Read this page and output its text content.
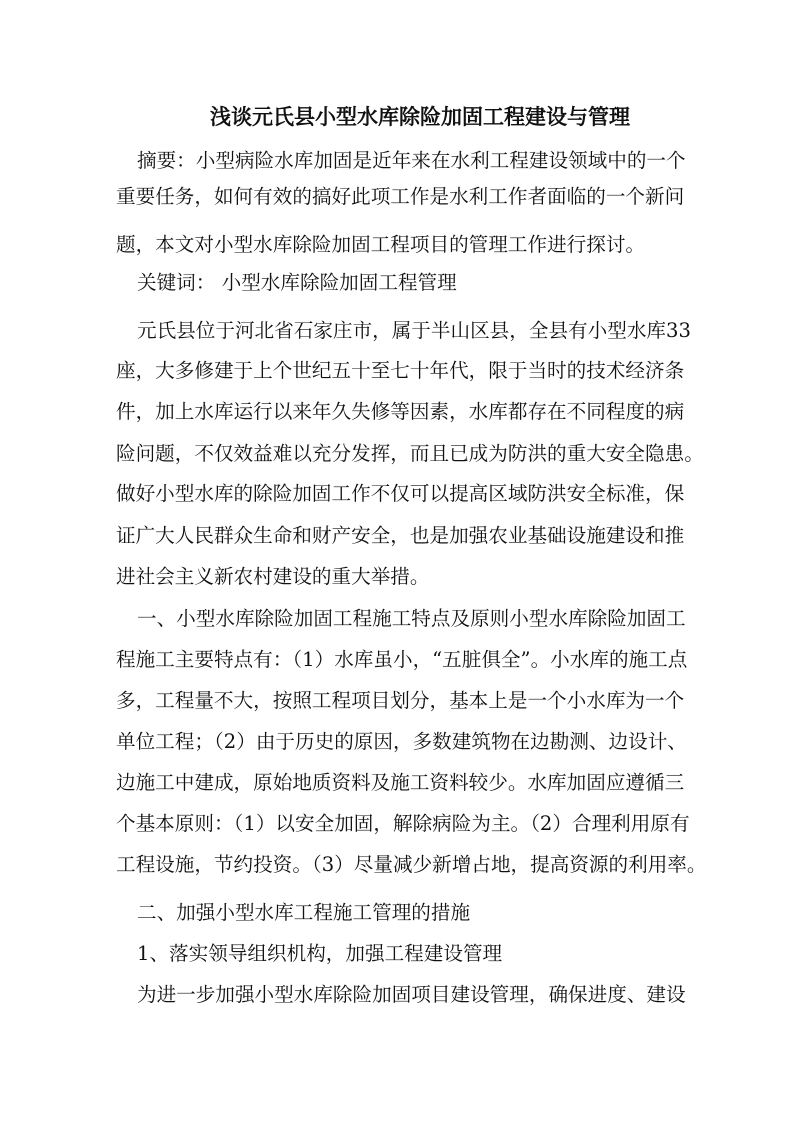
浅谈元氏县小型水库除险加固工程建设与管理
摘要：小型病险水库加固是近年来在水利工程建设领域中的一个
重要任务，如何有效的搞好此项工作是水利工作者面临的一个新问
题，本文对小型水库除险加固工程项目的管理工作进行探讨。
关键词： 小型水库除险加固工程管理
元氏县位于河北省石家庄市，属于半山区县，全县有小型水库33
座，大多修建于上个世纪五十至七十年代，限于当时的技术经济条
件，加上水库运行以来年久失修等因素，水库都存在不同程度的病
险问题，不仅效益难以充分发挥，而且已成为防洪的重大安全隐患。
做好小型水库的除险加固工作不仅可以提高区域防洪安全标准，保
证广大人民群众生命和财产安全，也是加强农业基础设施建设和推
进社会主义新农村建设的重大举措。
一、小型水库除险加固工程施工特点及原则小型水库除险加固工
程施工主要特点有：（1）水库虽小，“五脏俱全”。小水库的施工点
多，工程量不大，按照工程项目划分，基本上是一个小水库为一个
单位工程；（2）由于历史的原因，多数建筑物在边勘测、边设计、
边施工中建成，原始地质资料及施工资料较少。水库加固应遵循三
个基本原则：（1）以安全加固，解除病险为主。（2）合理利用原有
工程设施，节约投资。（3）尽量减少新增占地，提高资源的利用率。
二、加强小型水库工程施工管理的措施
1、落实领导组织机构，加强工程建设管理
为进一步加强小型水库除险加固项目建设管理，确保进度、建设
